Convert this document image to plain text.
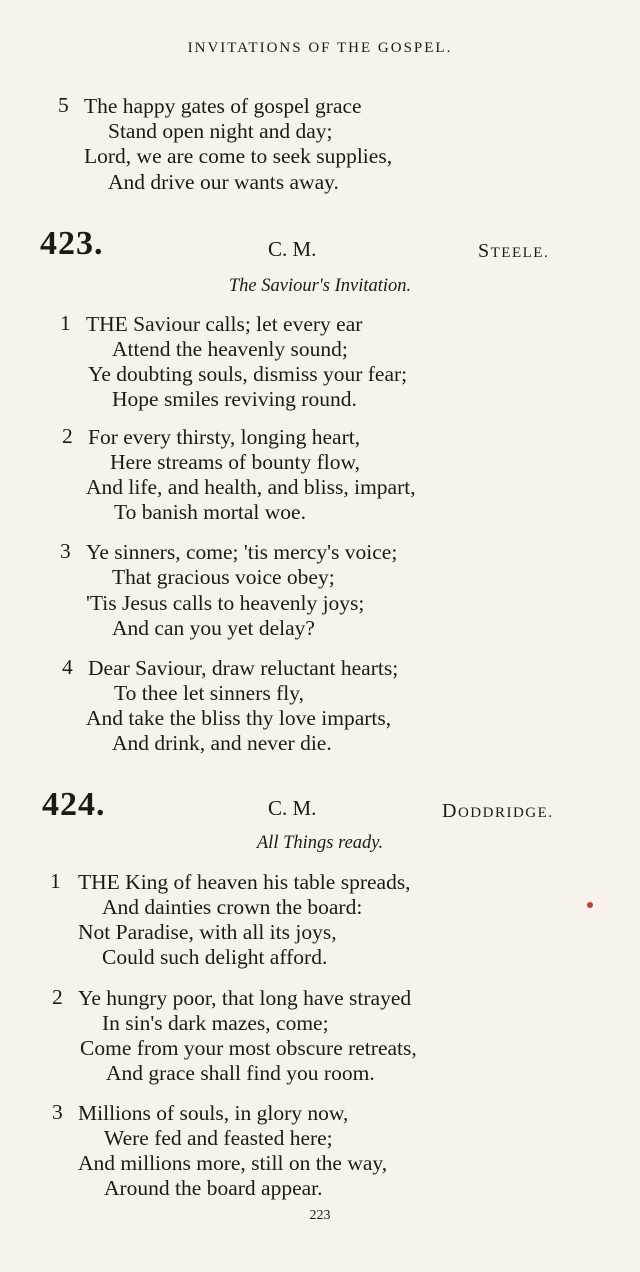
INVITATIONS OF THE GOSPEL.
5 The happy gates of gospel grace
Stand open night and day;
Lord, we are come to seek supplies,
And drive our wants away.
423.	C. M.	STEELE.
The Saviour's Invitation.
1 THE Saviour calls; let every ear
Attend the heavenly sound;
Ye doubting souls, dismiss your fear;
Hope smiles reviving round.
2 For every thirsty, longing heart,
Here streams of bounty flow,
And life, and health, and bliss, impart,
To banish mortal woe.
3 Ye sinners, come; 'tis mercy's voice;
That gracious voice obey;
'Tis Jesus calls to heavenly joys;
And can you yet delay?
4 Dear Saviour, draw reluctant hearts;
To thee let sinners fly,
And take the bliss thy love imparts,
And drink, and never die.
424.	C. M.	DODDRIDGE.
All Things ready.
1 THE King of heaven his table spreads,
And dainties crown the board:
Not Paradise, with all its joys,
Could such delight afford.
2 Ye hungry poor, that long have strayed
In sin's dark mazes, come;
Come from your most obscure retreats,
And grace shall find you room.
3 Millions of souls, in glory now,
Were fed and feasted here;
And millions more, still on the way,
Around the board appear.
223
